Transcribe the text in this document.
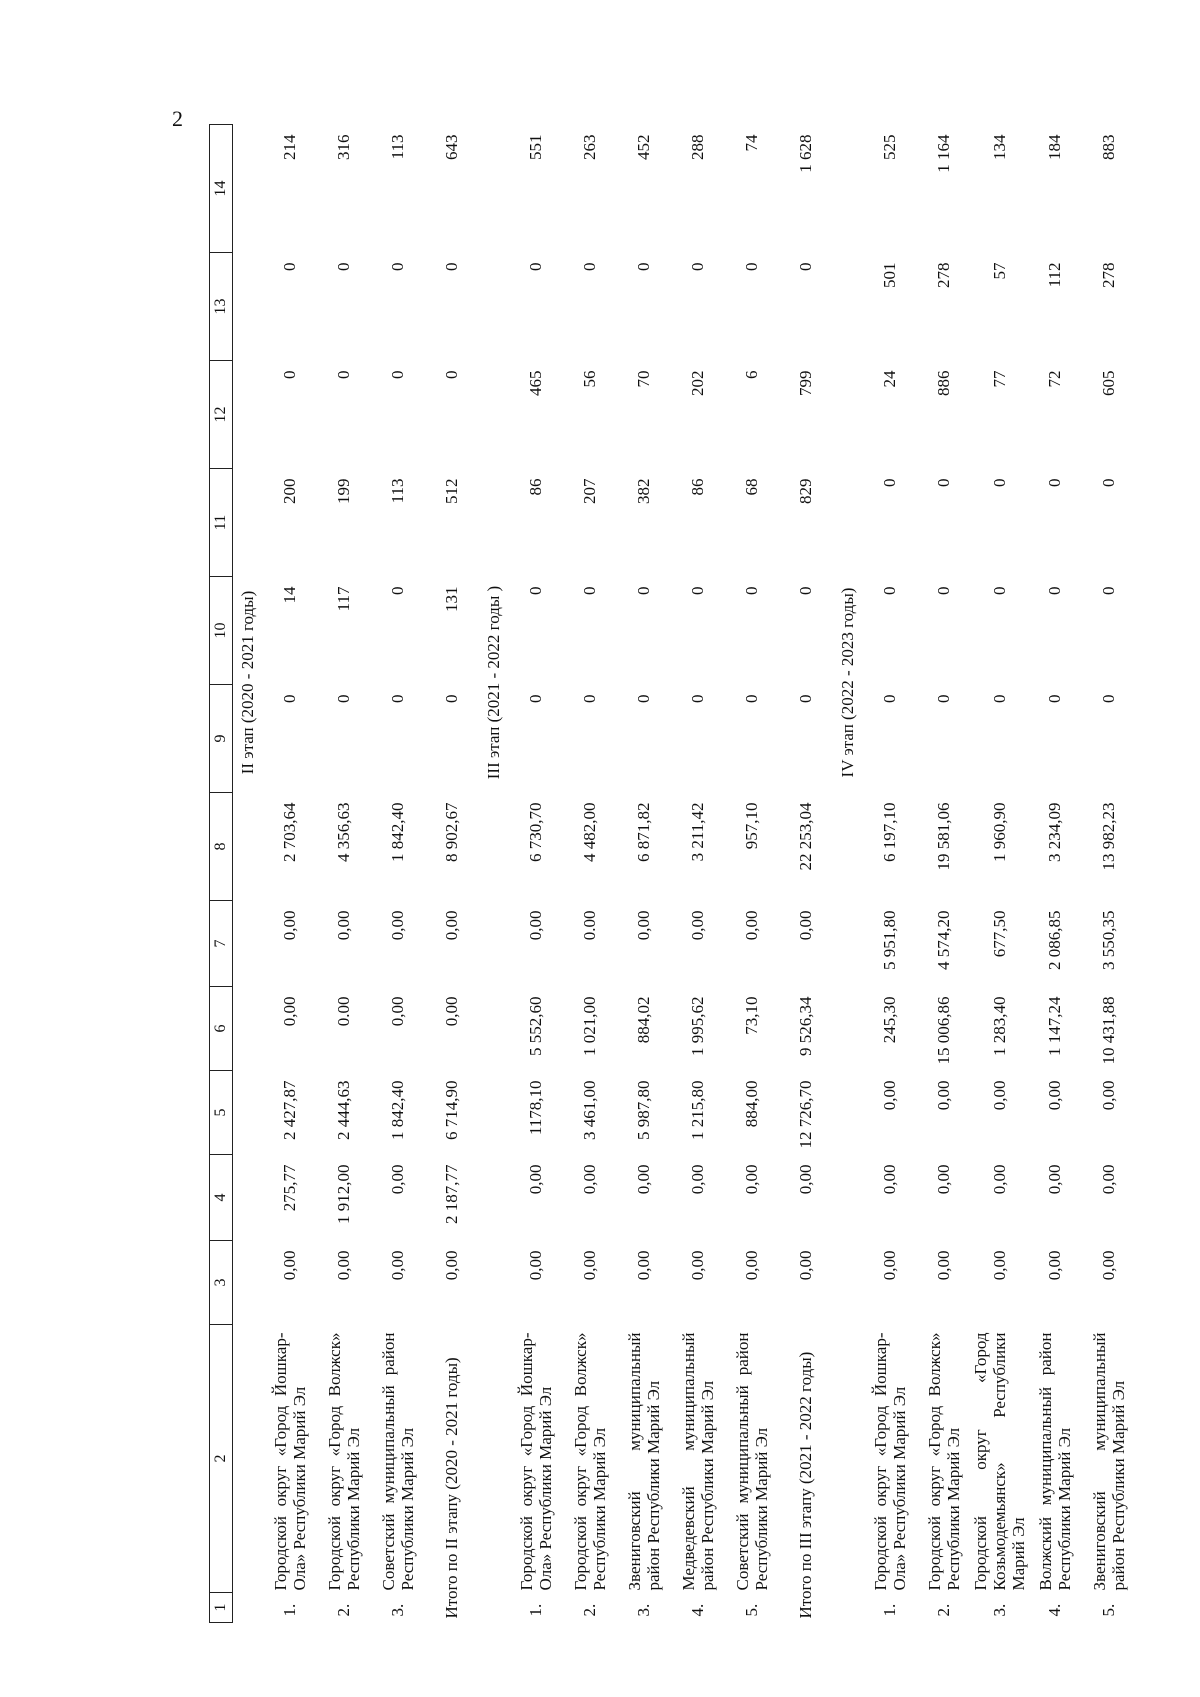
2
1	2	3	4	5	6	7	8	9	10	11	12	13	14
			II этап (2020 - 2021 годы)										
1.	Городской округ «Город Йошкар-Ола» Республики Марий Эл	0,00	275,77	2 427,87	0,00	0,00	2 703,64	0	14	200	0	0	214
2.	Городской округ «Город Волжск» Республики Марий Эл	0,00	1 912,00	2 444,63	0.00	0,00	4 356,63	0	117	199	0	0	316
3.	Советский муниципальный район Республики Марий Эл	0,00	0,00	1 842,40	0,00	0,00	1 842,40	0	0	113	0	0	113
Итого по II этапу (2020 - 2021 годы)		0,00	2 187,77	6 714,90	0,00	0,00	8 902,67	0	131	512	0	0	643
			III этап (2021 - 2022 годы )										
1.	Городской округ «Город Йошкар-Ола» Республики Марий Эл	0,00	0,00	1178,10	5 552,60	0,00	6 730,70	0	0	86	465	0	551
2.	Городской округ «Город Волжск» Республики Марий Эл	0,00	0,00	3 461,00	1 021,00	0.00	4 482,00	0	0	207	56	0	263
3.	Звениговский муниципальный район Республики Марий Эл	0,00	0,00	5 987,80	884,02	0,00	6 871,82	0	0	382	70	0	452
4.	Медведевский муниципальный район Республики Марий Эл	0,00	0,00	1 215,80	1 995,62	0,00	3 211,42	0	0	86	202	0	288
5.	Советский муниципальный район Республики Марий Эл	0,00	0,00	884,00	73,10	0,00	957,10	0	0	68	6	0	74
Итого по III этапу (2021 - 2022 годы)		0,00	0,00	12 726,70	9 526,34	0,00	22 253,04	0	0	829	799	0	1 628
			IV этап (2022 - 2023 годы)										
1.	Городской округ «Город Йошкар-Ола» Республики Марий Эл	0,00	0,00	0,00	245,30	5 951,80	6 197,10	0	0	0	24	501	525
2.	Городской округ «Город Волжск» Республики Марий Эл	0,00	0,00	0,00	15 006,86	4 574,20	19 581,06	0	0	0	886	278	1 164
3.	Городской округ «Город Козьмодемьянск» Республики Марий Эл	0,00	0,00	0,00	1 283,40	677,50	1 960,90	0	0	0	77	57	134
4.	Волжский муниципальный район Республики Марий Эл	0,00	0,00	0,00	1 147,24	2 086,85	3 234,09	0	0	0	72	112	184
5.	Звениговский муниципальный район Республики Марий Эл	0,00	0,00	0,00	10 431,88	3 550,35	13 982,23	0	0	0	605	278	883
